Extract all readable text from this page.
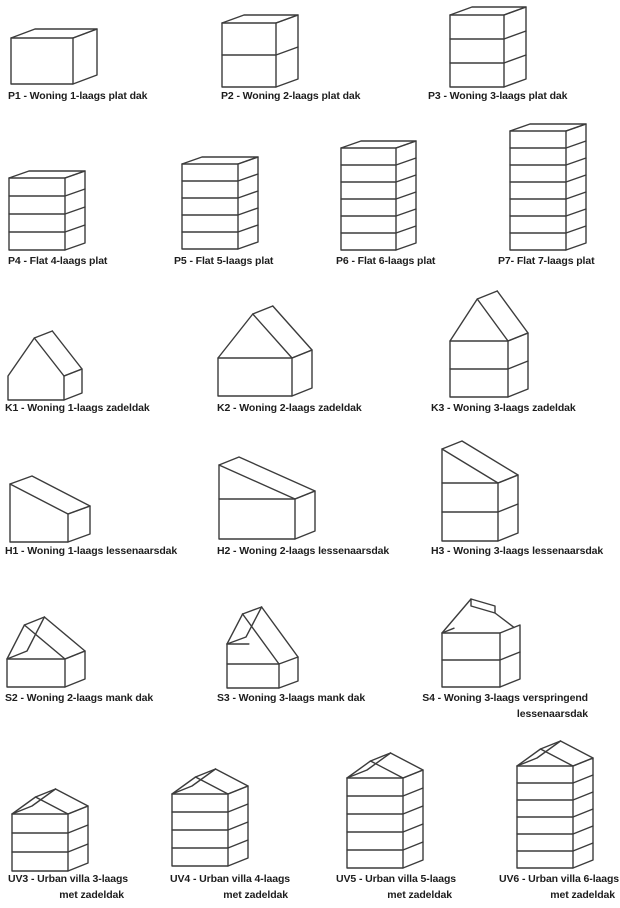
P1 - Woning 1-laags plat dak	P2 - Woning 2-laags plat dak	P3 - Woning 3-laags plat dak
P4 - Flat 4-laags plat	P5 - Flat 5-laags plat	P6 - Flat 6-laags plat	P7- Flat 7-laags plat
K1 - Woning 1-laags zadeldak	K2 - Woning 2-laags zadeldak	K3 - Woning 3-laags zadeldak
H1 - Woning 1-laags lessenaarsdak	H2 - Woning 2-laags lessenaarsdak	H3 - Woning 3-laags lessenaarsdak
S2 - Woning 2-laags mank dak	S3 - Woning 3-laags mank dak	S4 - Woning 3-laags verspringend
lessenaarsdak
UV3 - Urban villa 3-laags
met zadeldak
UV4 - Urban villa 4-laags
met zadeldak
UV5 - Urban villa 5-laags
met zadeldak
UV6 - Urban villa 6-laags
met zadeldak
